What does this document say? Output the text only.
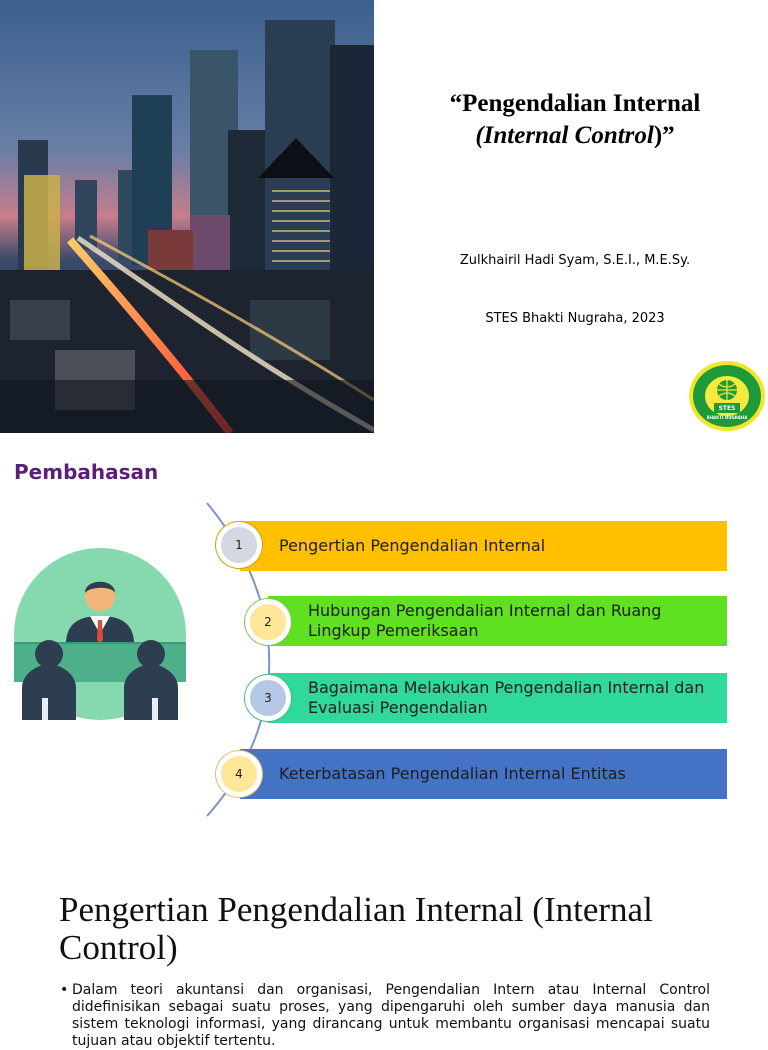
“Pengendalian Internal
(Internal Control)”
Zulkhairil Hadi Syam, S.E.I., M.E.Sy.
STES Bhakti Nugraha, 2023
STES
BHAKTI NUGRAHA
Pembahasan
Pengertian Pengendalian Internal
1
Hubungan Pengendalian Internal dan Ruang Lingkup Pemeriksaan
2
Bagaimana Melakukan Pengendalian Internal dan Evaluasi Pengendalian
3
Keterbatasan Pengendalian Internal Entitas
4
Pengertian Pengendalian Internal (Internal Control)
• Dalam teori akuntansi dan organisasi, Pengendalian Intern atau Internal Control didefinisikan sebagai suatu proses, yang dipengaruhi oleh sumber daya manusia dan sistem teknologi informasi, yang dirancang untuk membantu organisasi mencapai suatu tujuan atau objektif tertentu.
